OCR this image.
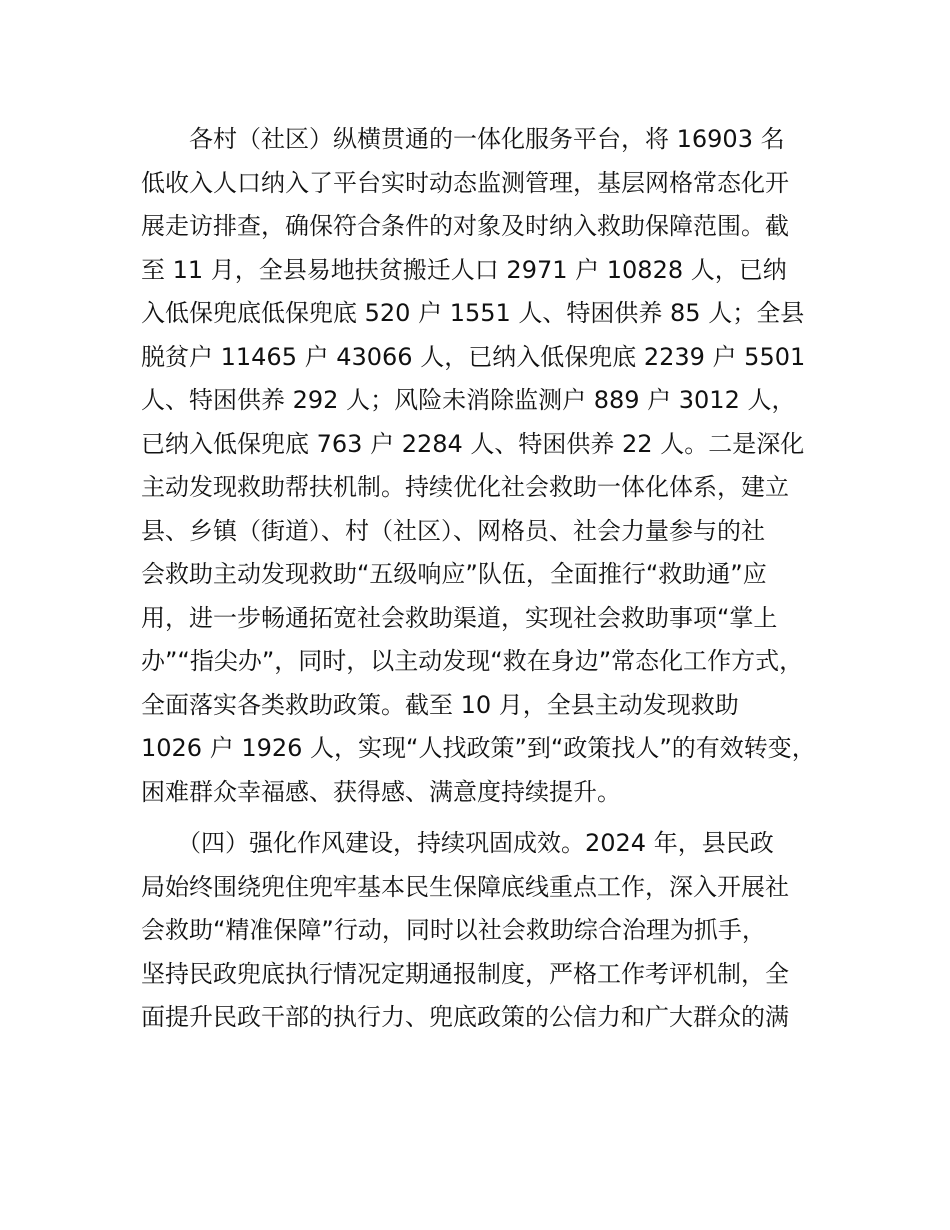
　　各村（社区）纵横贯通的一体化服务平台，将 16903 名
低收入人口纳入了平台实时动态监测管理，基层网格常态化开
展走访排查，确保符合条件的对象及时纳入救助保障范围。截
至 11 月，全县易地扶贫搬迁人口 2971 户 10828 人，已纳
入低保兜底低保兜底 520 户 1551 人、特困供养 85 人；全县
脱贫户 11465 户 43066 人，已纳入低保兜底 2239 户 5501
人、特困供养 292 人；风险未消除监测户 889 户 3012 人，
已纳入低保兜底 763 户 2284 人、特困供养 22 人。二是深化
主动发现救助帮扶机制。持续优化社会救助一体化体系，建立
县、乡镇（街道）、村（社区）、网格员、社会力量参与的社
会救助主动发现救助“五级响应”队伍，全面推行“救助通”应
用，进一步畅通拓宽社会救助渠道，实现社会救助事项“掌上
办”“指尖办”，同时，以主动发现“救在身边”常态化工作方式，
全面落实各类救助政策。截至 10 月，全县主动发现救助
1026 户 1926 人，实现“人找政策”到“政策找人”的有效转变，
困难群众幸福感、获得感、满意度持续提升。
　　（四）强化作风建设，持续巩固成效。2024 年，县民政
局始终围绕兜住兜牢基本民生保障底线重点工作，深入开展社
会救助“精准保障”行动，同时以社会救助综合治理为抓手，
坚持民政兜底执行情况定期通报制度，严格工作考评机制，全
面提升民政干部的执行力、兜底政策的公信力和广大群众的满
